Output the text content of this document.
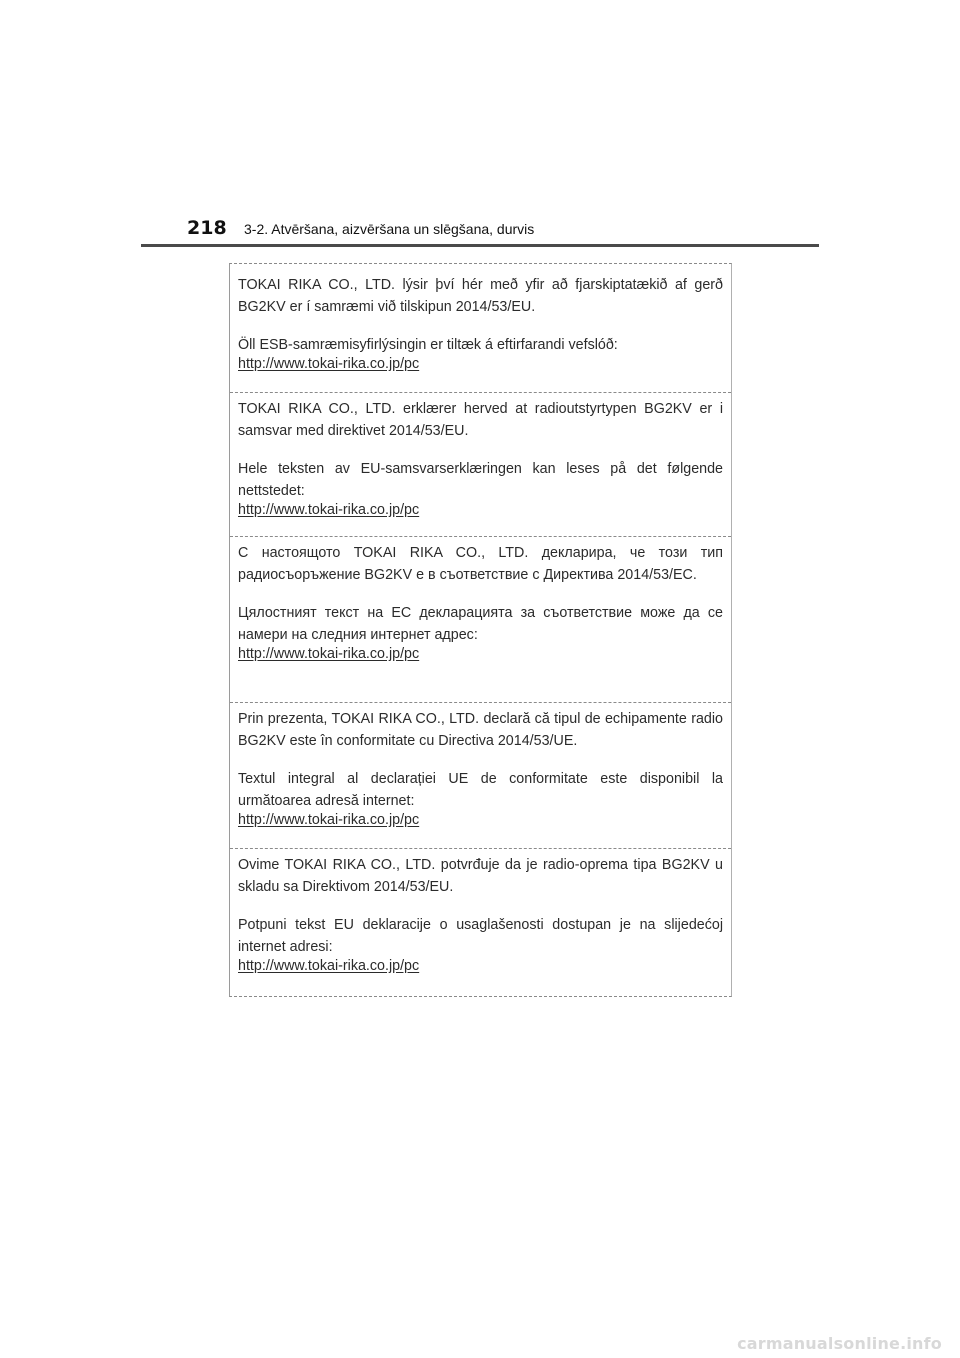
218 3-2. Atvēršana, aizvēršana un slēgšana, durvis

TOKAI RIKA CO., LTD. lýsir því hér með yfir að fjarskiptatækið af gerð BG2KV er í samræmi við tilskipun 2014/53/EU.

Öll ESB-samræmisyfirlýsingin er tiltæk á eftirfarandi vefslóð:

http://www.tokai-rika.co.jp/pc

TOKAI RIKA CO., LTD. erklærer herved at radioutstyrtypen BG2KV er i samsvar med direktivet 2014/53/EU.

Hele teksten av EU-samsvarserklæringen kan leses på det følgende nettstedet:

http://www.tokai-rika.co.jp/pc

С настоящото TOKAI RIKA CO., LTD. декларира, че този тип радиосъоръжение BG2KV е в съответствие с Директива 2014/53/ЕС.

Цялостният текст на ЕС декларацията за съответствие може да се намери на следния интернет адрес:

http://www.tokai-rika.co.jp/pc

Prin prezenta, TOKAI RIKA CO., LTD. declară că tipul de echipamente radio BG2KV este în conformitate cu Directiva 2014/53/UE.

Textul integral al declarației UE de conformitate este disponibil la următoarea adresă internet:

http://www.tokai-rika.co.jp/pc

Ovime TOKAI RIKA CO., LTD. potvrđuje da je radio-oprema tipa BG2KV u skladu sa Direktivom 2014/53/EU.

Potpuni tekst EU deklaracije o usaglašenosti dostupan je na slijedećoj internet adresi:

http://www.tokai-rika.co.jp/pc
carmanualsonline.info
